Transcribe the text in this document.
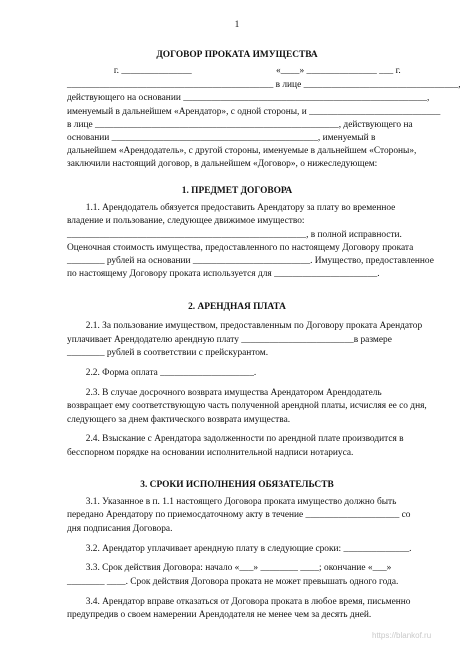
1
ДОГОВОР ПРОКАТА ИМУЩЕСТВА
г. _______________                                    «____» _______________ ___ г.
____________________________________________ в лице _________________________________,
действующего на основании ____________________________________________________,
именуемый в дальнейшем «Арендатор», с одной стороны, и ____________________________
в лице ____________________________________________________, действующего на
основании ____________________________________________, именуемый в
дальнейшем «Арендодатель», с другой стороны, именуемые в дальнейшем «Стороны»,
заключили настоящий договор, в дальнейшем «Договор», о нижеследующем:
1. ПРЕДМЕТ ДОГОВОРА
1.1. Арендодатель обязуется предоставить Арендатору за плату во временное
владение и пользование, следующее движимое имущество:
___________________________________________________, в полной исправности.
Оценочная стоимость имущества, предоставленного по настоящему Договору проката
________ рублей на основании _________________________. Имущество, предоставленное
по настоящему Договору проката используется для ______________________.
2. АРЕНДНАЯ ПЛАТА
2.1. За пользование имуществом, предоставленным по Договору проката Арендатор
уплачивает Арендодателю арендную плату ________________________в размере
________ рублей в соответствии с прейскурантом.
2.2. Форма оплата ____________________.
2.3. В случае досрочного возврата имущества Арендатором Арендодатель
возвращает ему соответствующую часть полученной арендной платы, исчисляя ее со дня,
следующего за днем фактического возврата имущества.
2.4. Взыскание с Арендатора задолженности по арендной плате производится в
бесспорном порядке на основании исполнительной надписи нотариуса.
3. СРОКИ ИСПОЛНЕНИЯ ОБЯЗАТЕЛЬСТВ
3.1. Указанное в п. 1.1 настоящего Договора проката имущество должно быть
передано Арендатору по приемосдаточному акту в течение ____________________ со
дня подписания Договора.
3.2. Арендатор уплачивает арендную плату в следующие сроки: ______________.
3.3. Срок действия Договора: начало «___» ________ ____; окончание «___»
________ ____. Срок действия Договора проката не может превышать одного года.
3.4. Арендатор вправе отказаться от Договора проката в любое время, письменно
предупредив о своем намерении Арендодателя не менее чем за десять дней.
https://blankof.ru
